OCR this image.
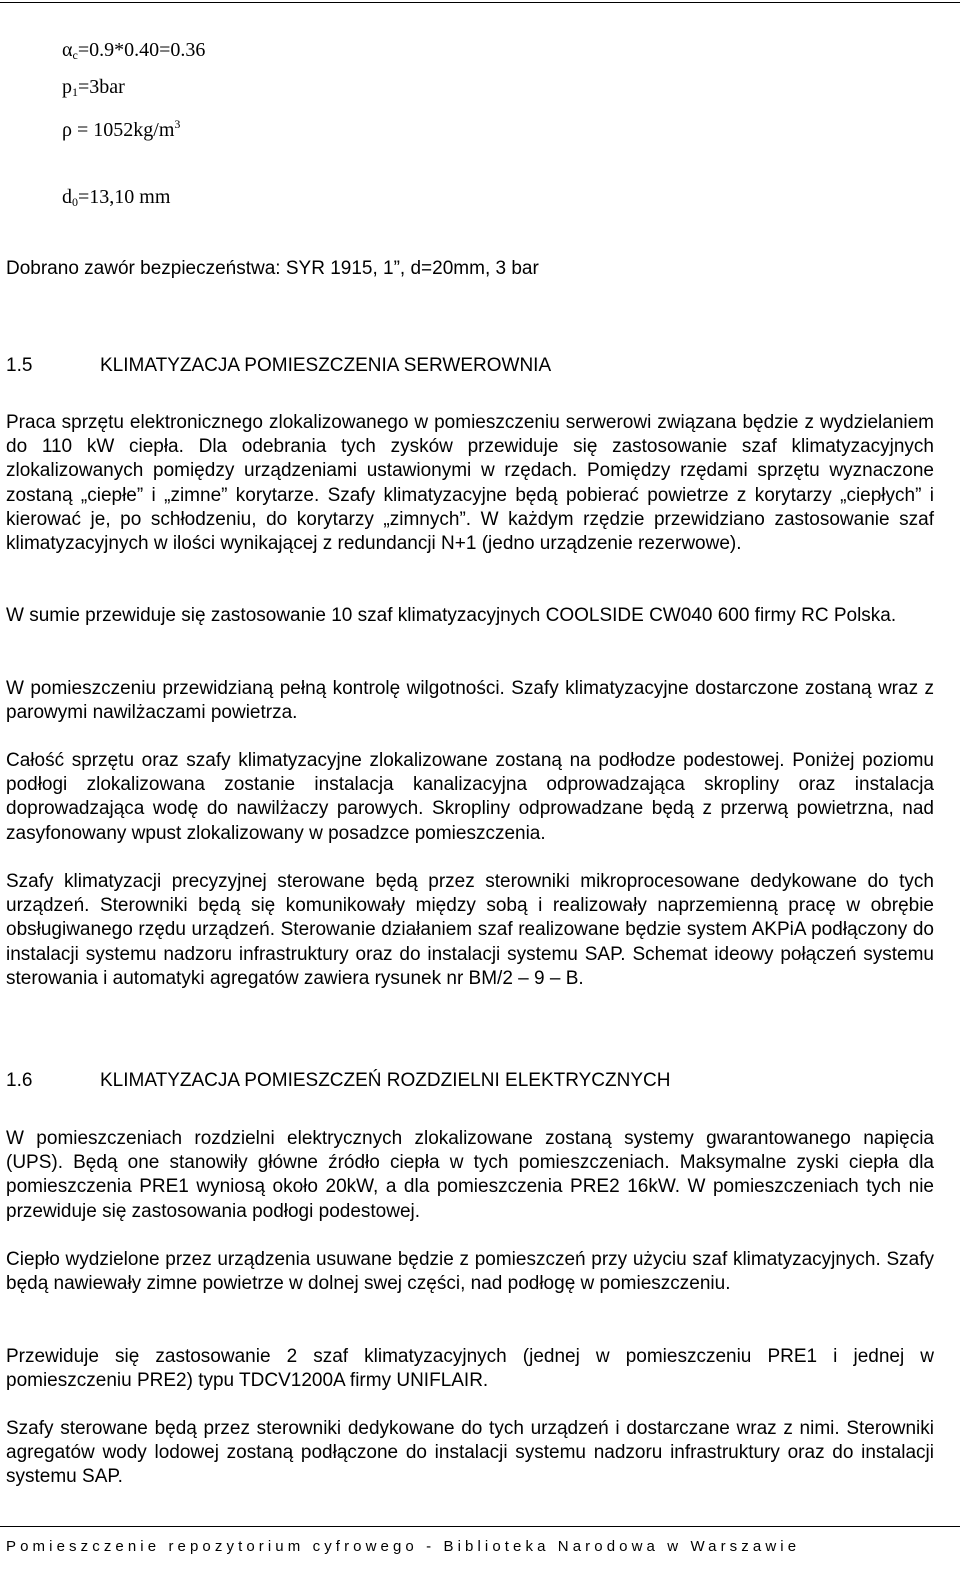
$\alpha_c=0.9*0.40=0.36$
$p_1=3bar$
$\rho = 1052kg/m^3$
$d_0=13,10$ mm
Dobrano zawór bezpieczeństwa: SYR 1915, 1”, d=20mm, 3 bar
1.5	KLIMATYZACJA POMIESZCZENIA SERWEROWNIA
Praca sprzętu elektronicznego zlokalizowanego w pomieszczeniu serwerowi związana będzie z wydzielaniem do 110 kW ciepła. Dla odebrania tych zysków przewiduje się zastosowanie szaf klimatyzacyjnych zlokalizowanych pomiędzy urządzeniami ustawionymi w rzędach. Pomiędzy rzędami sprzętu wyznaczone zostaną „ciepłe” i „zimne” korytarze. Szafy klimatyzacyjne będą pobierać powietrze z korytarzy „ciepłych” i kierować je, po schłodzeniu, do korytarzy „zimnych”. W każdym rzędzie przewidziano zastosowanie szaf klimatyzacyjnych w ilości wynikającej z redundancji N+1 (jedno urządzenie rezerwowe).
W sumie przewiduje się zastosowanie 10 szaf klimatyzacyjnych COOLSIDE CW040 600 firmy RC Polska.
W pomieszczeniu przewidzianą pełną kontrolę wilgotności. Szafy klimatyzacyjne dostarczone zostaną wraz z parowymi nawilżaczami powietrza.
Całość sprzętu oraz szafy klimatyzacyjne zlokalizowane zostaną na podłodze podestowej. Poniżej poziomu podłogi zlokalizowana zostanie instalacja kanalizacyjna odprowadzająca skropliny oraz instalacja doprowadzająca wodę do nawilżaczy parowych. Skropliny odprowadzane będą z przerwą powietrzna, nad zasyfonowany wpust zlokalizowany w posadzce pomieszczenia.
Szafy klimatyzacji precyzyjnej sterowane będą przez sterowniki mikroprocesowane dedykowane do tych urządzeń. Sterowniki będą się komunikowały między sobą i realizowały naprzemienną pracę w obrębie obsługiwanego rzędu urządzeń. Sterowanie działaniem szaf realizowane będzie system AKPiA podłączony do instalacji systemu nadzoru infrastruktury oraz do instalacji systemu SAP. Schemat ideowy połączeń systemu sterowania i automatyki agregatów zawiera rysunek nr BM/2 – 9 – B.
1.6	KLIMATYZACJA POMIESZCZEŃ ROZDZIELNI ELEKTRYCZNYCH
W pomieszczeniach rozdzielni elektrycznych zlokalizowane zostaną systemy gwarantowanego napięcia (UPS). Będą one stanowiły główne źródło ciepła w tych pomieszczeniach. Maksymalne zyski ciepła dla pomieszczenia PRE1 wyniosą około 20kW, a dla pomieszczenia PRE2 16kW. W pomieszczeniach tych nie przewiduje się zastosowania podłogi podestowej.
Ciepło wydzielone przez urządzenia usuwane będzie z pomieszczeń przy użyciu szaf klimatyzacyjnych. Szafy będą nawiewały zimne powietrze w dolnej swej części, nad podłogę w pomieszczeniu.
Przewiduje się zastosowanie 2 szaf klimatyzacyjnych (jednej w pomieszczeniu PRE1 i jednej w pomieszczeniu PRE2) typu TDCV1200A firmy UNIFLAIR.
Szafy sterowane będą przez sterowniki dedykowane do tych urządzeń i dostarczane wraz z nimi. Sterowniki agregatów wody lodowej zostaną podłączone do instalacji systemu nadzoru infrastruktury oraz do instalacji systemu SAP.
Pomieszczenie repozytorium cyfrowego - Biblioteka Narodowa w Warszawie
